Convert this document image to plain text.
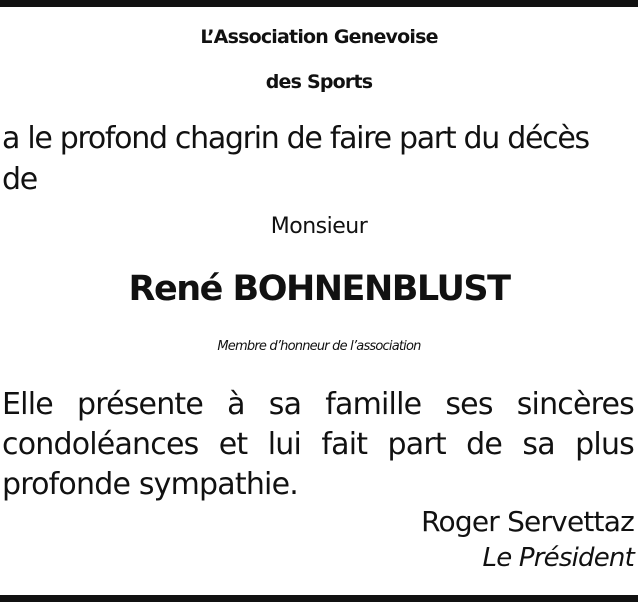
L’Association Genevoise
des Sports
a le profond chagrin de faire part du décès
de
Monsieur
René BOHNENBLUST
Membre d’honneur de l’association
Elle présente à sa famille ses sincères
condoléances et lui fait part de sa plus
profonde sympathie.
Roger Servettaz
Le Président
